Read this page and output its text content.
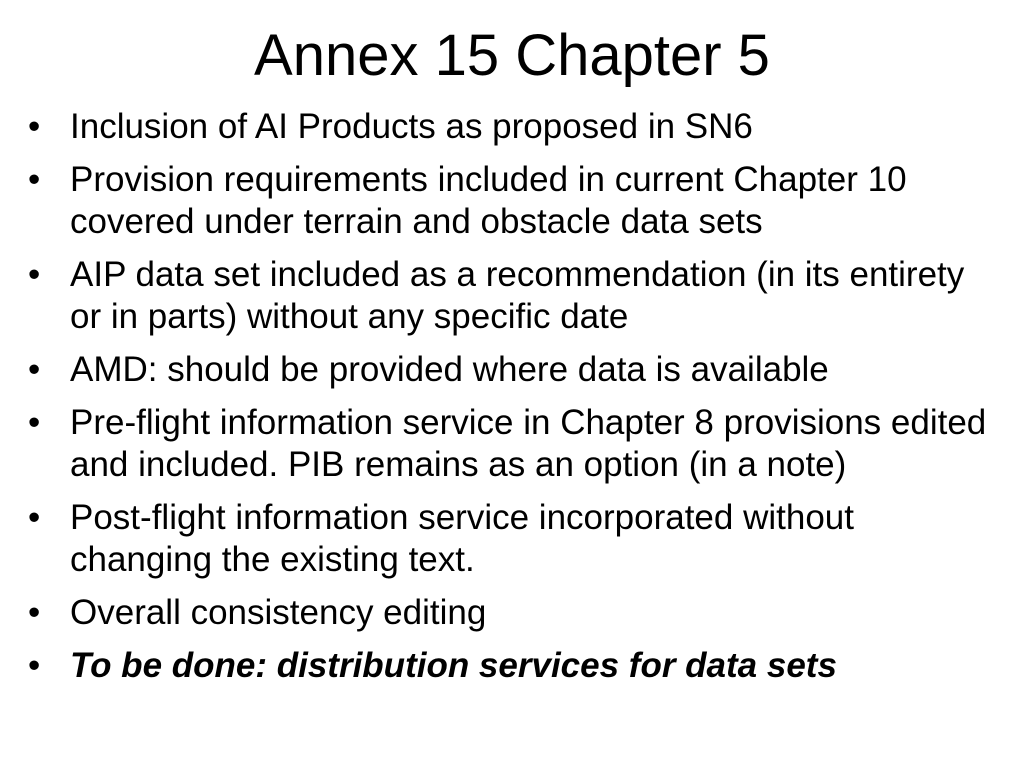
Annex 15 Chapter 5
• Inclusion of AI Products as proposed in SN6
• Provision requirements included in current Chapter 10 covered under terrain and obstacle data sets
• AIP data set included as a recommendation (in its entirety or in parts) without any specific date
• AMD: should be provided where data is available
• Pre-flight information service in Chapter 8 provisions edited and included. PIB remains as an option (in a note)
• Post-flight information service incorporated without changing the existing text.
• Overall consistency editing
• To be done: distribution services for data sets
